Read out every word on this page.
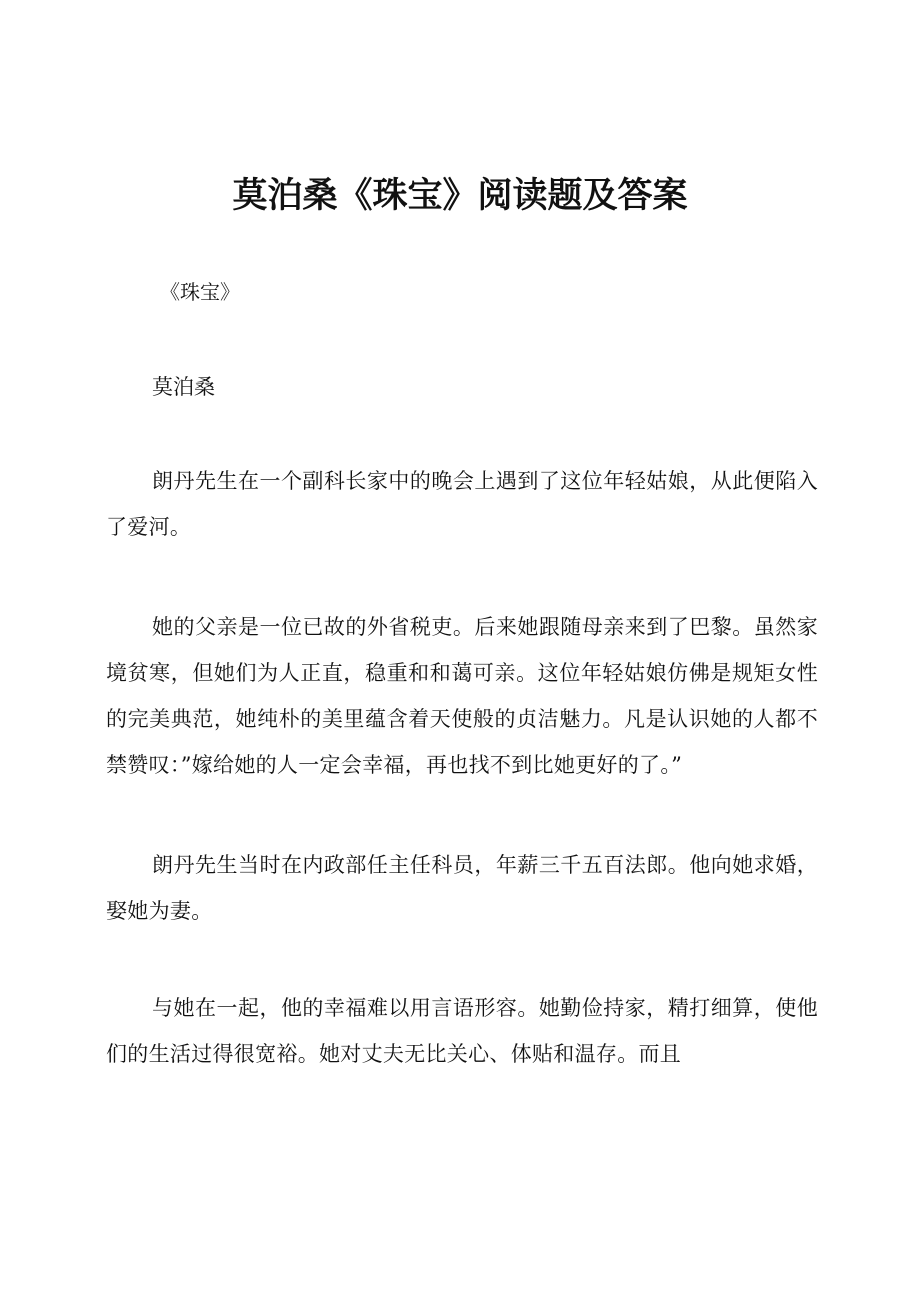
莫泊桑《珠宝》阅读题及答案

《珠宝》

莫泊桑

朗丹先生在一个副科长家中的晚会上遇到了这位年轻姑娘，从此便陷入了爱河。

她的父亲是一位已故的外省税吏。后来她跟随母亲来到了巴黎。虽然家境贫寒，但她们为人正直，稳重和和蔼可亲。这位年轻姑娘仿佛是规矩女性的完美典范，她纯朴的美里蕴含着天使般的贞洁魅力。凡是认识她的人都不禁赞叹：”嫁给她的人一定会幸福，再也找不到比她更好的了。”

朗丹先生当时在内政部任主任科员，年薪三千五百法郎。他向她求婚，娶她为妻。

与她在一起，他的幸福难以用言语形容。她勤俭持家，精打细算，使他们的生活过得很宽裕。她对丈夫无比关心、体贴和温存。而且
